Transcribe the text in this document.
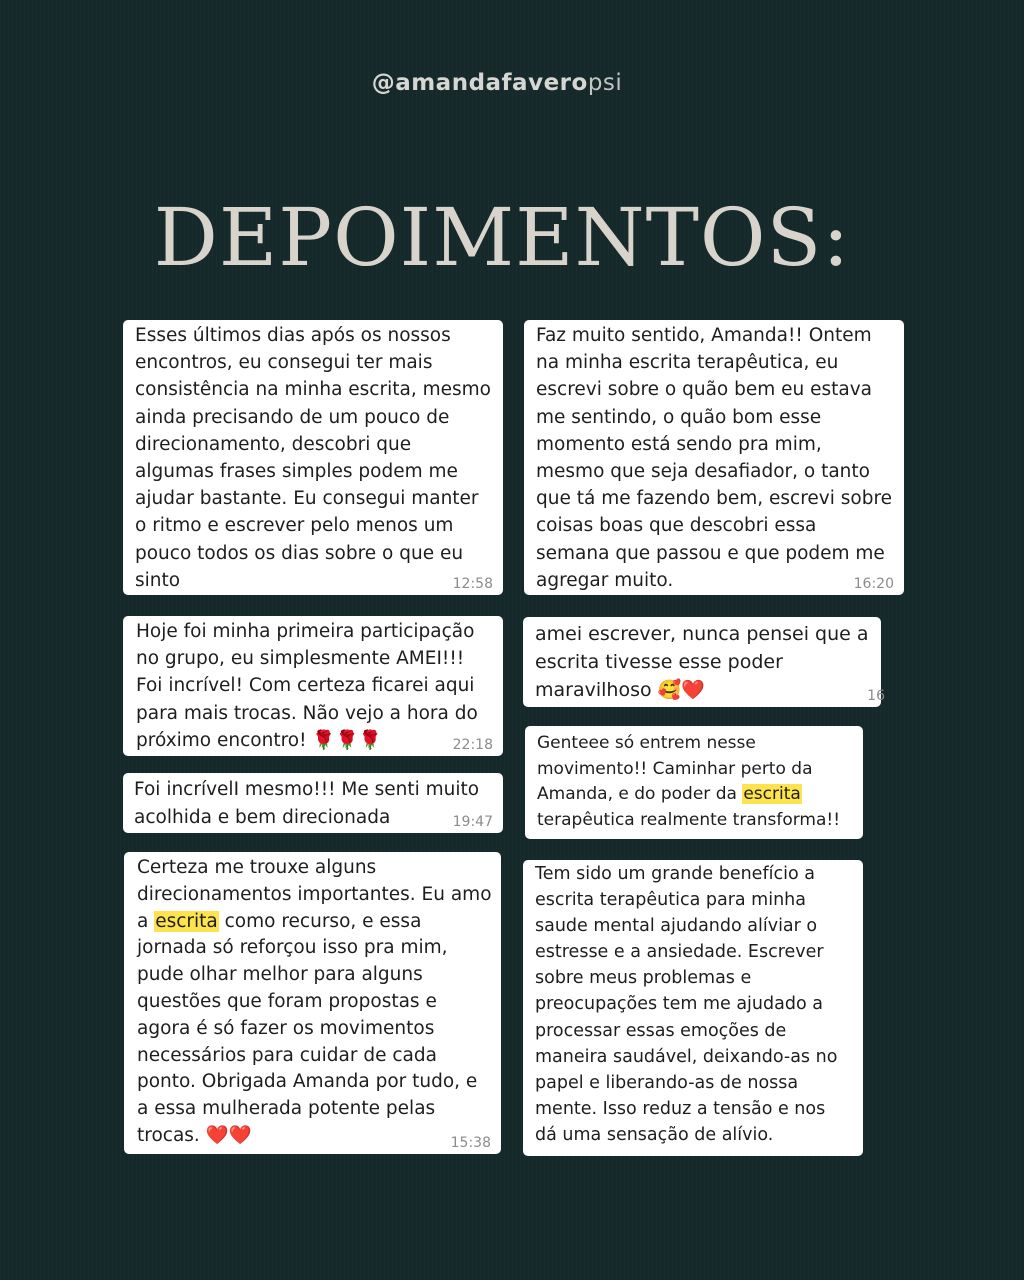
@amandafaveropsi
DEPOIMENTOS:
Esses últimos dias após os nossos
encontros, eu consegui ter mais
consistência na minha escrita, mesmo
ainda precisando de um pouco de
direcionamento, descobri que
algumas frases simples podem me
ajudar bastante. Eu consegui manter
o ritmo e escrever pelo menos um
pouco todos os dias sobre o que eu
sinto	12:58
Faz muito sentido, Amanda!! Ontem
na minha escrita terapêutica, eu
escrevi sobre o quão bem eu estava
me sentindo, o quão bom esse
momento está sendo pra mim,
mesmo que seja desafiador, o tanto
que tá me fazendo bem, escrevi sobre
coisas boas que descobri essa
semana que passou e que podem me
agregar muito.	16:20
Hoje foi minha primeira participação
no grupo, eu simplesmente AMEI!!!
Foi incrível! Com certeza ficarei aqui
para mais trocas. Não vejo a hora do
próximo encontro! 🌹🌹🌹	22:18
amei escrever, nunca pensei que a
escrita tivesse esse poder
maravilhoso 🥰❤️	16
Foi incrívelI mesmo!!! Me senti muito
acolhida e bem direcionada	19:47
Genteee só entrem nesse
movimento!! Caminhar perto da
Amanda, e do poder da escrita
terapêutica realmente transforma!!
Certeza me trouxe alguns
direcionamentos importantes. Eu amo
a escrita como recurso, e essa
jornada só reforçou isso pra mim,
pude olhar melhor para alguns
questões que foram propostas e
agora é só fazer os movimentos
necessários para cuidar de cada
ponto. Obrigada Amanda por tudo, e
a essa mulherada potente pelas
trocas. ❤️❤️	15:38
Tem sido um grande benefício a
escrita terapêutica para minha
saude mental ajudando alíviar o
estresse e a ansiedade. Escrever
sobre meus problemas e
preocupações tem me ajudado a
processar essas emoções de
maneira saudável, deixando-as no
papel e liberando-as de nossa
mente. Isso reduz a tensão e nos
dá uma sensação de alívio.
